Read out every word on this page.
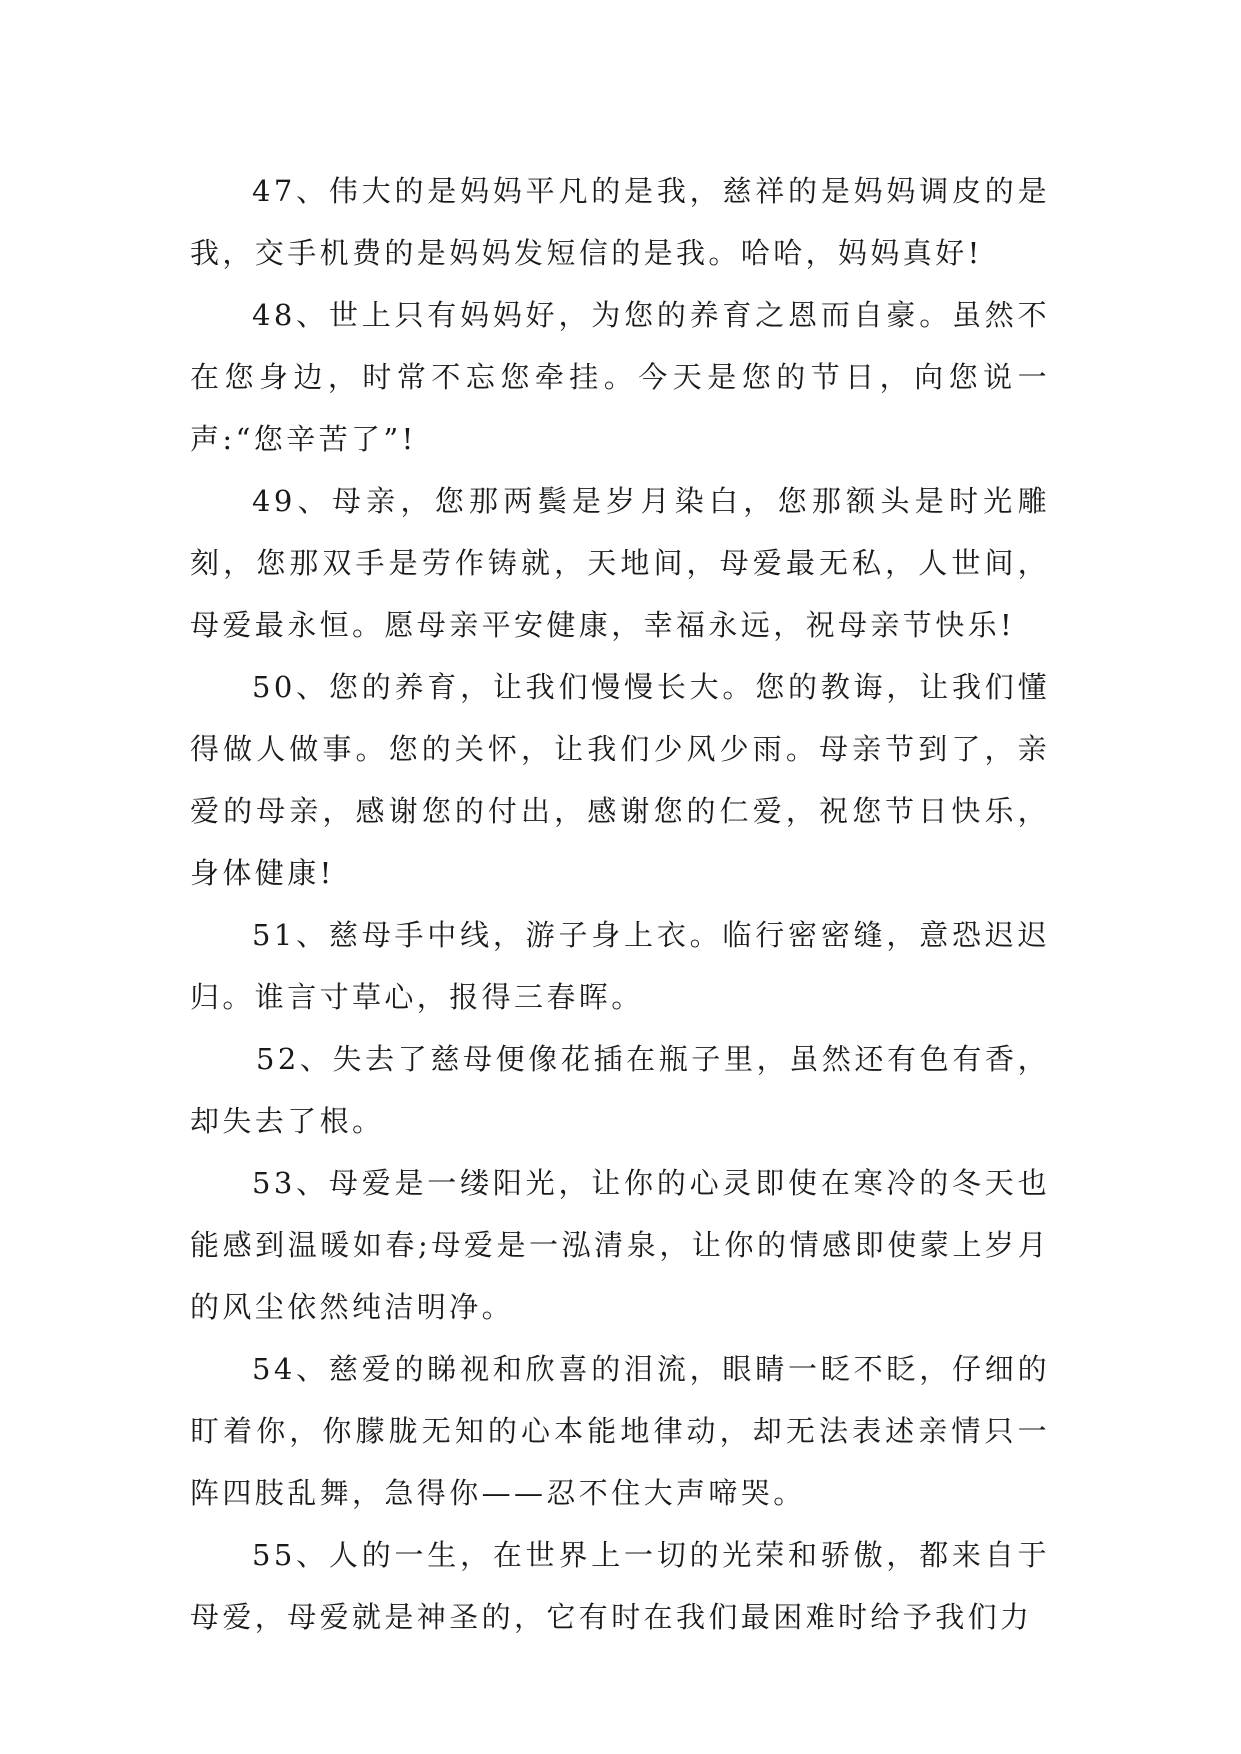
47、伟大的是妈妈平凡的是我，慈祥的是妈妈调皮的是我，交手机费的是妈妈发短信的是我。哈哈，妈妈真好!

48、世上只有妈妈好，为您的养育之恩而自豪。虽然不在您身边，时常不忘您牵挂。今天是您的节日，向您说一声:“您辛苦了”!

49、母亲，您那两鬓是岁月染白，您那额头是时光雕刻，您那双手是劳作铸就，天地间，母爱最无私，人世间，母爱最永恒。愿母亲平安健康，幸福永远，祝母亲节快乐!

50、您的养育，让我们慢慢长大。您的教诲，让我们懂得做人做事。您的关怀，让我们少风少雨。母亲节到了，亲爱的母亲，感谢您的付出，感谢您的仁爱，祝您节日快乐，身体健康!

51、慈母手中线，游子身上衣。临行密密缝，意恐迟迟归。谁言寸草心，报得三春晖。

52、失去了慈母便像花插在瓶子里，虽然还有色有香，却失去了根。

53、母爱是一缕阳光，让你的心灵即使在寒冷的冬天也能感到温暖如春;母爱是一泓清泉，让你的情感即使蒙上岁月的风尘依然纯洁明净。

54、慈爱的睇视和欣喜的泪流，眼睛一眨不眨，仔细的盯着你，你朦胧无知的心本能地律动，却无法表述亲情只一阵四肢乱舞，急得你——忍不住大声啼哭。

55、人的一生，在世界上一切的光荣和骄傲，都来自于母爱，母爱就是神圣的，它有时在我们最困难时给予我们力
